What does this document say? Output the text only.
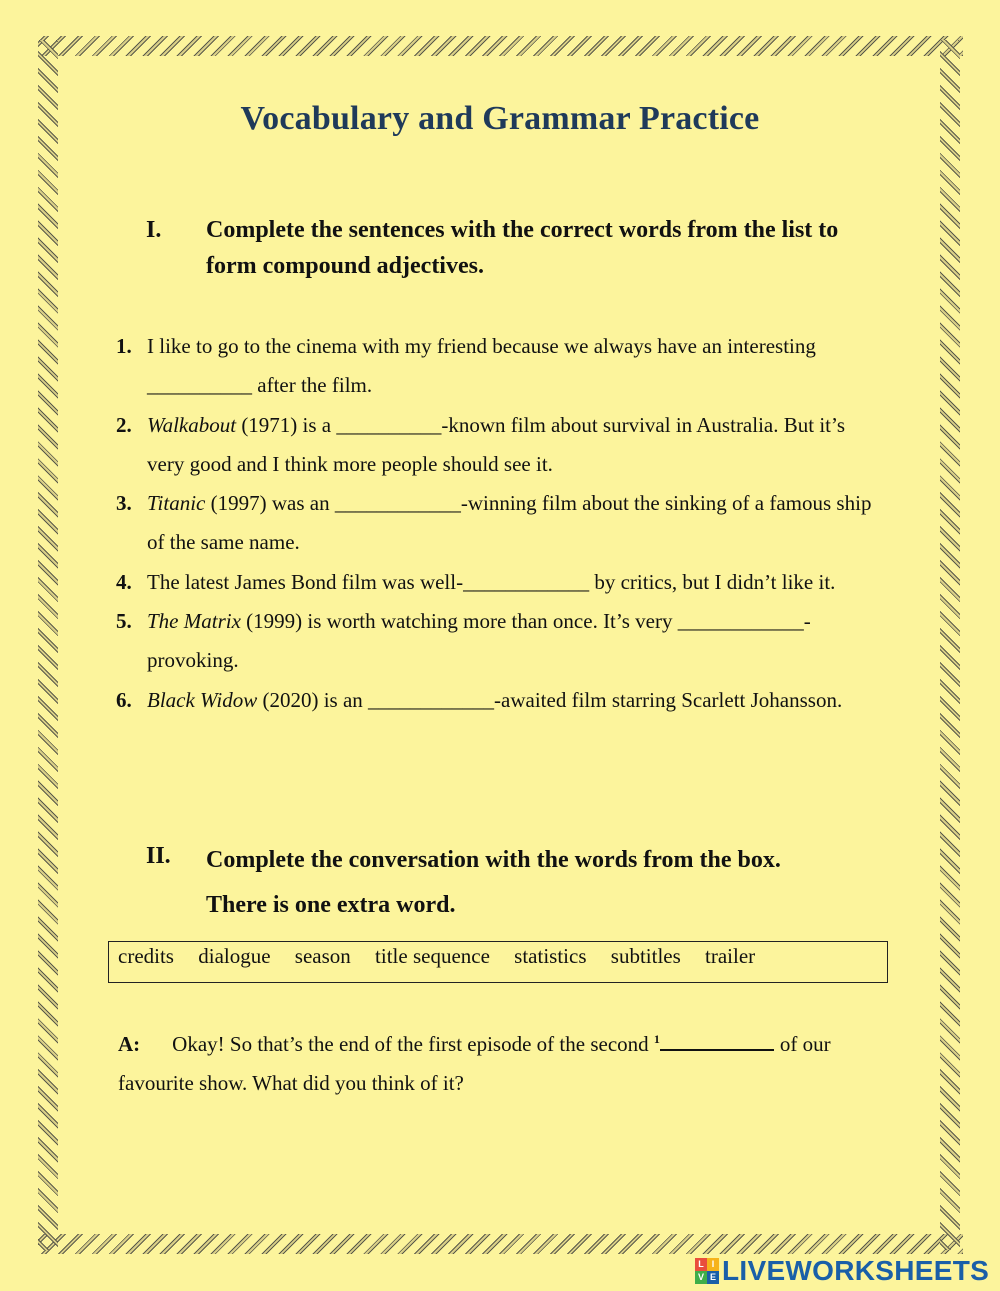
Vocabulary and Grammar Practice
I. Complete the sentences with the correct words from the list to form compound adjectives.
1. I like to go to the cinema with my friend because we always have an interesting __________ after the film.
2. Walkabout (1971) is a __________-known film about survival in Australia. But it’s very good and I think more people should see it.
3. Titanic (1997) was an ____________-winning film about the sinking of a famous ship of the same name.
4. The latest James Bond film was well-____________ by critics, but I didn’t like it.
5. The Matrix (1999) is worth watching more than once. It’s very ____________-provoking.
6. Black Widow (2020) is an ____________-awaited film starring Scarlett Johansson.
II. Complete the conversation with the words from the box.
There is one extra word.
credits dialogue season title sequence statistics subtitles trailer
A: Okay! So that’s the end of the first episode of the second $^1$	of our favourite show. What did you think of it?
L I
V E LIVEWORKSHEETS
